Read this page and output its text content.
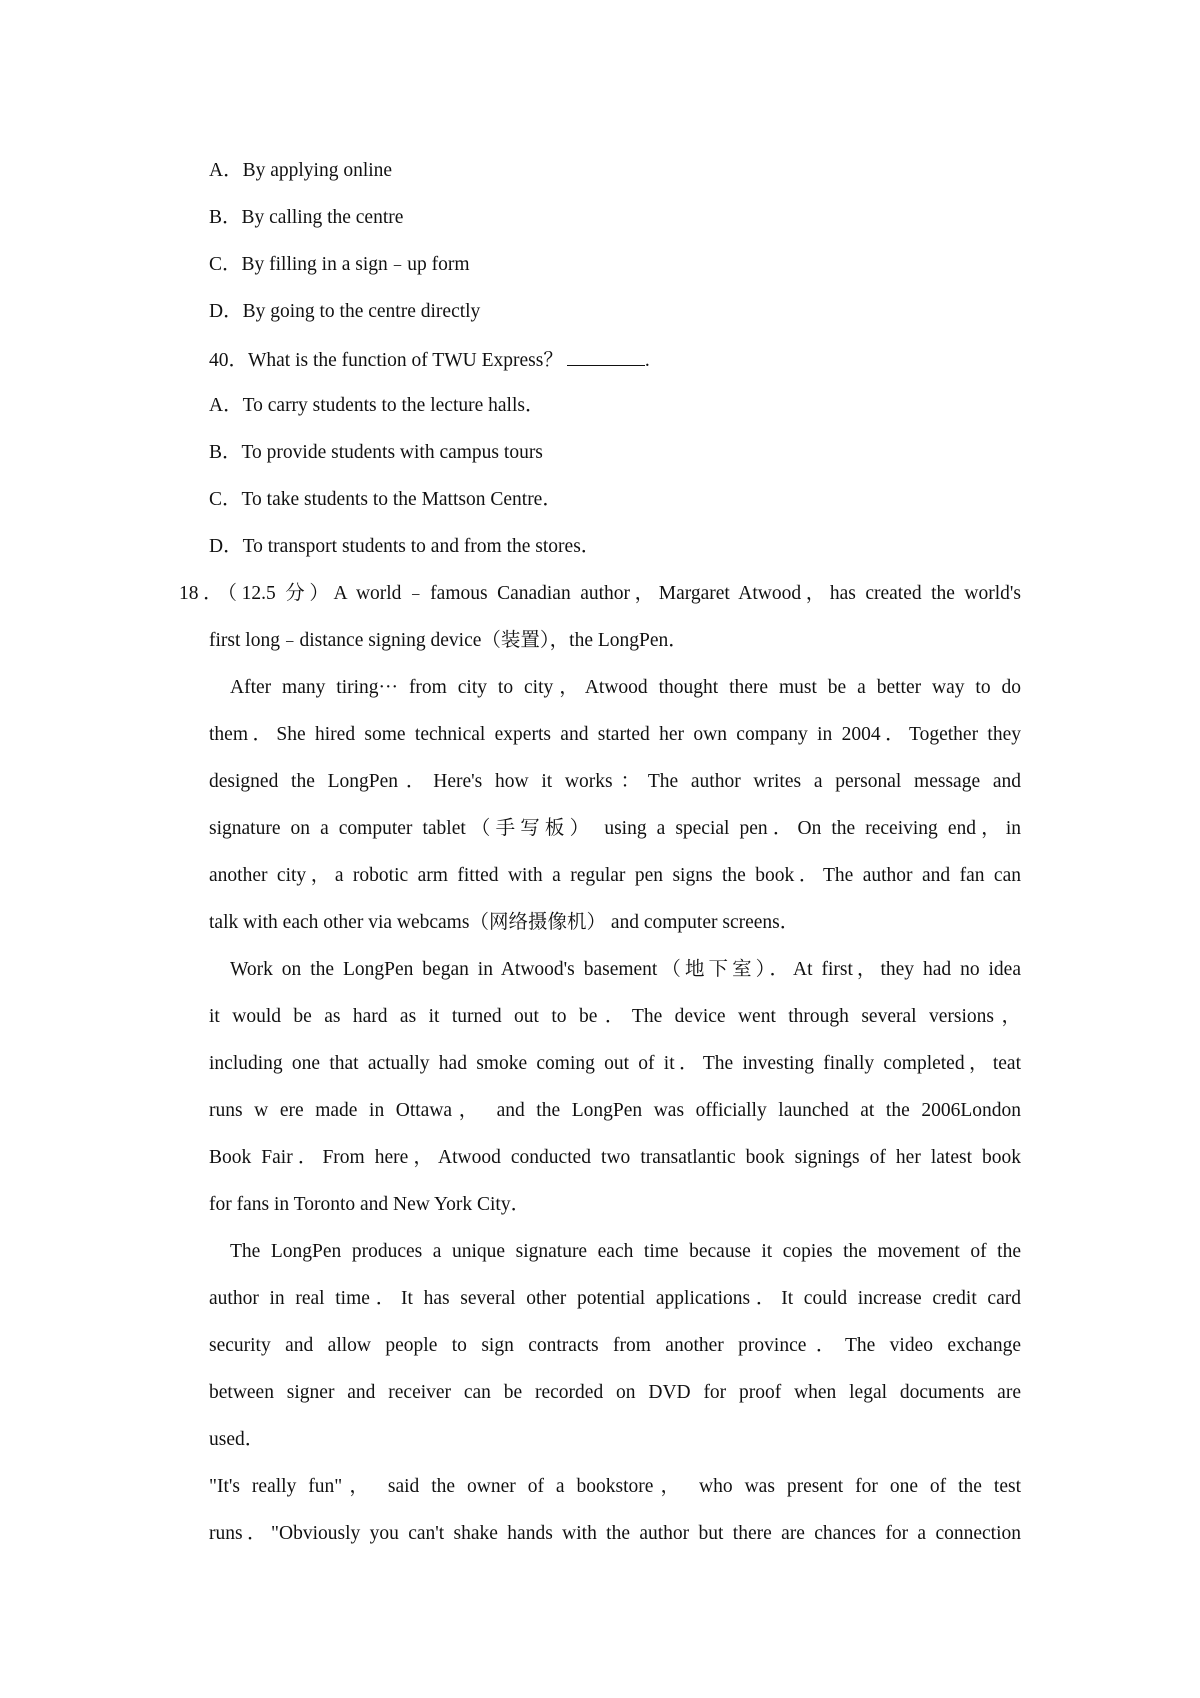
A．By applying online
B．By calling the centre
C．By filling in a sign﹣up form
D．By going to the centre directly
40．What is the function of TWU Express？	.
A．To carry students to the lecture halls．
B．To provide students with campus tours
C．To take students to the Mattson Centre．
D．To transport students to and from the stores．
18．（12.5 分）A world﹣famous Canadian author，Margaret Atwood，has created the world's
first long﹣distance signing device（装置），the LongPen．
After many tiring··· from city to city，Atwood thought there must be a better way to do
them．She hired some technical experts and started her own company in 2004．Together they
designed the LongPen．Here's how it works：The author writes a personal message and
signature on a computer tablet（手写板） using a special pen．On the receiving end，in
another city，a robotic arm fitted with a regular pen signs the book．The author and fan can
talk with each other via webcams（网络摄像机） and computer screens．
Work on the LongPen began in Atwood's basement（地下室）．At first，they had no idea
it would be as hard as it turned out to be．The device went through several versions，
including one that actually had smoke coming out of it．The investing finally completed，teat
runs w ere made in Ottawa， and the LongPen was officially launched at the 2006London
Book Fair．From here，Atwood conducted two transatlantic book signings of her latest book
for fans in Toronto and New York City．
The LongPen produces a unique signature each time because it copies the movement of the
author in real time．It has several other potential applications．It could increase credit card
security and allow people to sign contracts from another province．The video exchange
between signer and receiver can be recorded on DVD for proof when legal documents are
used．
"It's really fun"， said the owner of a bookstore， who was present for one of the test
runs．"Obviously you can't shake hands with the author but there are chances for a connection
